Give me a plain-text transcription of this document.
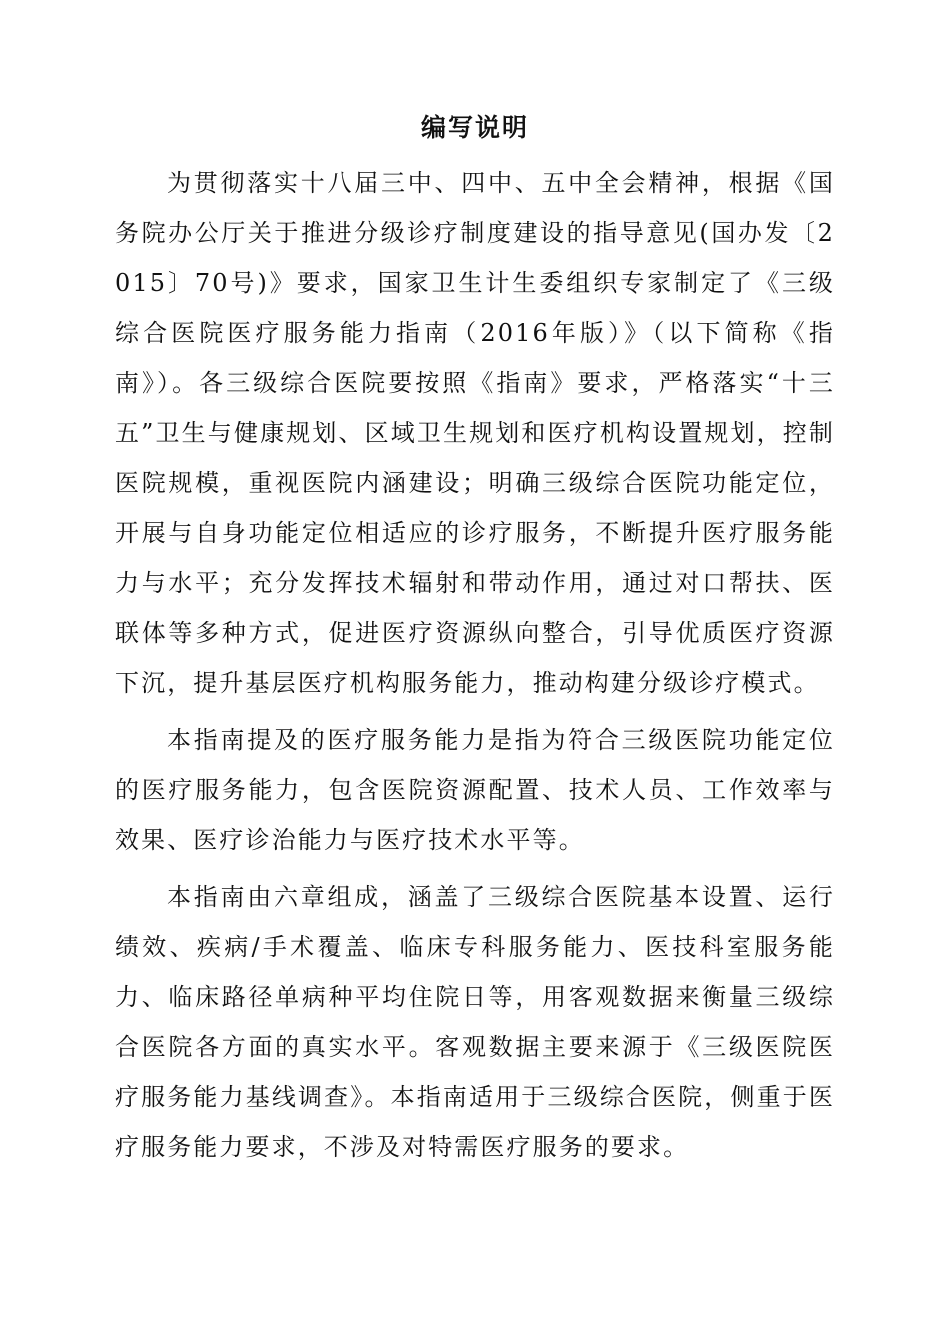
编写说明

为贯彻落实十八届三中、四中、五中全会精神，根据《国务院办公厅关于推进分级诊疗制度建设的指导意见(国办发〔2015〕70号)》要求，国家卫生计生委组织专家制定了《三级综合医院医疗服务能力指南（2016年版）》（以下简称《指南》）。各三级综合医院要按照《指南》要求，严格落实“十三五”卫生与健康规划、区域卫生规划和医疗机构设置规划，控制医院规模，重视医院内涵建设；明确三级综合医院功能定位，开展与自身功能定位相适应的诊疗服务，不断提升医疗服务能力与水平；充分发挥技术辐射和带动作用，通过对口帮扶、医联体等多种方式，促进医疗资源纵向整合，引导优质医疗资源下沉，提升基层医疗机构服务能力，推动构建分级诊疗模式。

本指南提及的医疗服务能力是指为符合三级医院功能定位的医疗服务能力，包含医院资源配置、技术人员、工作效率与效果、医疗诊治能力与医疗技术水平等。

本指南由六章组成，涵盖了三级综合医院基本设置、运行绩效、疾病/手术覆盖、临床专科服务能力、医技科室服务能力、临床路径单病种平均住院日等，用客观数据来衡量三级综合医院各方面的真实水平。客观数据主要来源于《三级医院医疗服务能力基线调查》。本指南适用于三级综合医院，侧重于医疗服务能力要求，不涉及对特需医疗服务的要求。
